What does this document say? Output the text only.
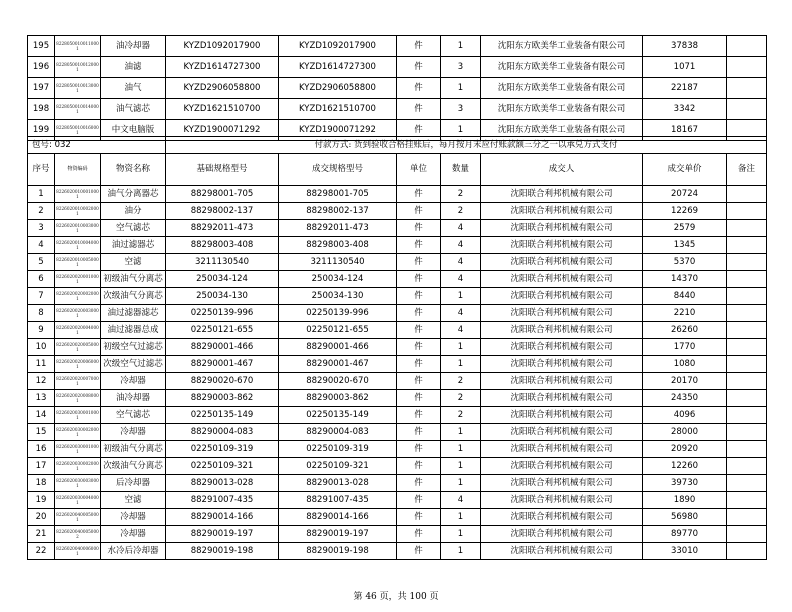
195	82280500100110001	油冷却器	KYZD1092017900	KYZD1092017900	件	1	沈阳东方欧美华工业装备有限公司	37838	
196	82280500100120001	油滤	KYZD1614727300	KYZD1614727300	件	3	沈阳东方欧美华工业装备有限公司	1071	
197	82280500100130001	油气	KYZD2906058800	KYZD2906058800	件	1	沈阳东方欧美华工业装备有限公司	22187	
198	82280500100140001	油气滤芯	KYZD1621510700	KYZD1621510700	件	3	沈阳东方欧美华工业装备有限公司	3342	
199	82280500100160001	中文电脑版	KYZD1900071292	KYZD1900071292	件	1	沈阳东方欧美华工业装备有限公司	18167	
包号: 032			付款方式: 货到验收合格挂账后，每月按月末应付账款额三分之一以承兑方式支付						
序号	物资编码	物资名称	基础规格型号	成交规格型号	单位	数量	成交人	成交单价	备注
1	82260200100010001	油气分离器芯	88298001-705	88298001-705	件	2	沈阳联合利邦机械有限公司	20724	
2	82260200100020001	油分	88298002-137	88298002-137	件	2	沈阳联合利邦机械有限公司	12269	
3	82260200100030001	空气滤芯	88292011-473	88292011-473	件	4	沈阳联合利邦机械有限公司	2579	
4	82260200100040001	油过滤器芯	88298003-408	88298003-408	件	4	沈阳联合利邦机械有限公司	1345	
5	82260200100050001	空滤	3211130540	3211130540	件	4	沈阳联合利邦机械有限公司	5370	
6	82260200200010001	初级油气分离芯	250034-124	250034-124	件	4	沈阳联合利邦机械有限公司	14370	
7	82260200200020001	次级油气分离芯	250034-130	250034-130	件	1	沈阳联合利邦机械有限公司	8440	
8	82260200200030001	油过滤器滤芯	02250139-996	02250139-996	件	4	沈阳联合利邦机械有限公司	2210	
9	82260200200040001	油过滤器总成	02250121-655	02250121-655	件	4	沈阳联合利邦机械有限公司	26260	
10	82260200200050001	初级空气过滤芯	88290001-466	88290001-466	件	1	沈阳联合利邦机械有限公司	1770	
11	82260200200060001	次级空气过滤芯	88290001-467	88290001-467	件	1	沈阳联合利邦机械有限公司	1080	
12	82260200200070001	冷却器	88290020-670	88290020-670	件	2	沈阳联合利邦机械有限公司	20170	
13	82260200200080001	油冷却器	88290003-862	88290003-862	件	2	沈阳联合利邦机械有限公司	24350	
14	82260200300010001	空气滤芯	02250135-149	02250135-149	件	2	沈阳联合利邦机械有限公司	4096	
15	82260200300020001	冷却器	88290004-083	88290004-083	件	1	沈阳联合利邦机械有限公司	28000	
16	82260200300010001	初级油气分离芯	02250109-319	02250109-319	件	1	沈阳联合利邦机械有限公司	20920	
17	82260200300020001	次级油气分离芯	02250109-321	02250109-321	件	1	沈阳联合利邦机械有限公司	12260	
18	82260200300030001	后冷却器	88290013-028	88290013-028	件	1	沈阳联合利邦机械有限公司	39730	
19	82260200300040001	空滤	88291007-435	88291007-435	件	4	沈阳联合利邦机械有限公司	1890	
20	82260200400050001	冷却器	88290014-166	88290014-166	件	1	沈阳联合利邦机械有限公司	56980	
21	82260200400050002	冷却器	88290019-197	88290019-197	件	1	沈阳联合利邦机械有限公司	89770	
22	82260200400060001	水冷后冷却器	88290019-198	88290019-198	件	1	沈阳联合利邦机械有限公司	33010	
第 46 页，共 100 页
